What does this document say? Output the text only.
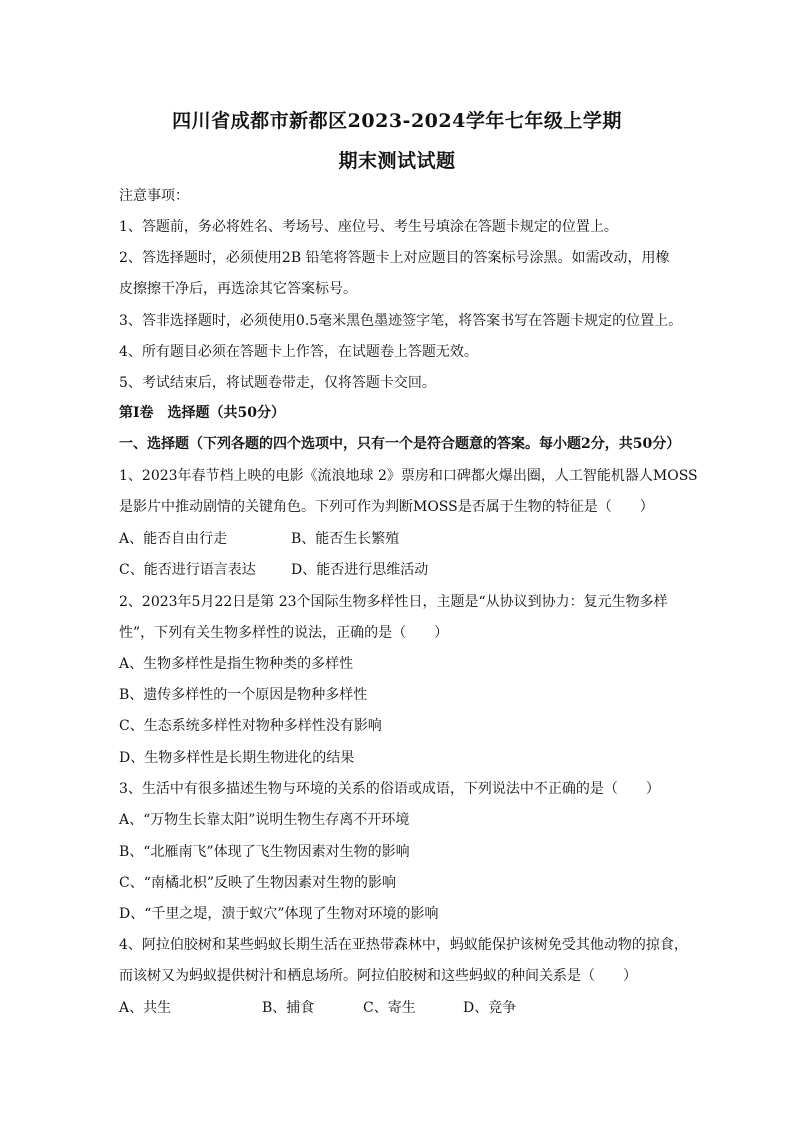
四川省成都市新都区2023-2024学年七年级上学期
期末测试试题
注意事项：
1、答题前，务必将姓名、考场号、座位号、考生号填涂在答题卡规定的位置上。
2、答选择题时，必须使用2B 铅笔将答题卡上对应题目的答案标号涂黑。如需改动，用橡
皮擦擦干净后，再选涂其它答案标号。
3、答非选择题时，必须使用0.5毫米黑色墨迹签字笔，将答案书写在答题卡规定的位置上。
4、所有题目必须在答题卡上作答，在试题卷上答题无效。
5、考试结束后，将试题卷带走，仅将答题卡交回。
第I卷　选择题（共50分）
一、选择题（下列各题的四个选项中，只有一个是符合题意的答案。每小题2分，共50分）
1、2023年春节档上映的电影《流浪地球 2》票房和口碑都火爆出圈，人工智能机器人MOSS
是影片中推动剧情的关键角色。下列可作为判断MOSS是否属于生物的特征是（　　）
A、能否自由行走	B、能否生长繁殖
C、能否进行语言表达	D、能否进行思维活动
2、2023年5月22日是第 23个国际生物多样性日，主题是“从协议到协力：复元生物多样
性”，下列有关生物多样性的说法，正确的是（　　）
A、生物多样性是指生物种类的多样性
B、遗传多样性的一个原因是物种多样性
C、生态系统多样性对物种多样性没有影响
D、生物多样性是长期生物进化的结果
3、生活中有很多描述生物与环境的关系的俗语或成语，下列说法中不正确的是（　　）
A、“万物生长靠太阳”说明生物生存离不开环境
B、“北雁南飞”体现了飞生物因素对生物的影响
C、“南橘北枳”反映了生物因素对生物的影响
D、“千里之堤，溃于蚁穴”体现了生物对环境的影响
4、阿拉伯胶树和某些蚂蚁长期生活在亚热带森林中，蚂蚁能保护该树免受其他动物的掠食，
而该树又为蚂蚁提供树汁和栖息场所。阿拉伯胶树和这些蚂蚁的种间关系是（　　）
A、共生	B、捕食	C、寄生	D、竞争
